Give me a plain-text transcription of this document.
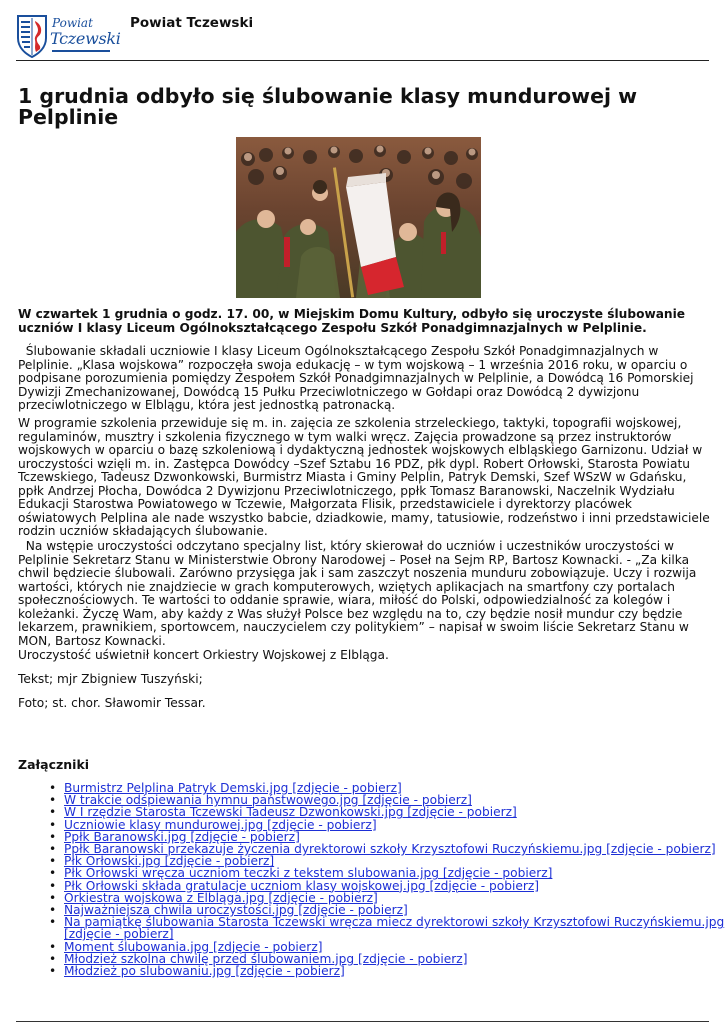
Powiat
Tczewski
Powiat Tczewski
1 grudnia odbyło się ślubowanie klasy mundurowej w Pelplinie

W czwartek 1 grudnia o godz. 17. 00, w Miejskim Domu Kultury, odbyło się uroczyste ślubowanie uczniów I klasy Liceum Ogólnokształcącego Zespołu Szkół Ponadgimnazjalnych w Pelplinie.

Ślubowanie składali uczniowie I klasy Liceum Ogólnokształcącego Zespołu Szkół Ponadgimnazjalnych w Pelplinie. „Klasa wojskowa” rozpoczęła swoja edukację – w tym wojskową – 1 września 2016 roku, w oparciu o podpisane porozumienia pomiędzy Zespołem Szkół Ponadgimnazjalnych w Pelplinie, a Dowódcą 16 Pomorskiej Dywizji Zmechanizowanej, Dowódcą 15 Pułku Przeciwlotniczego w Gołdapi oraz Dowódcą 2 dywizjonu przeciwlotniczego w Elblągu, która jest jednostką patronacką.

W programie szkolenia przewiduje się m. in. zajęcia ze szkolenia strzeleckiego, taktyki, topografii wojskowej, regulaminów, musztry i szkolenia fizycznego w tym walki wręcz. Zajęcia prowadzone są przez instruktorów wojskowych w oparciu o bazę szkoleniową i dydaktyczną jednostek wojskowych elbląskiego Garnizonu. Udział w uroczystości wzięli m. in. Zastępca Dowódcy –Szef Sztabu 16 PDZ, płk dypl. Robert Orłowski, Starosta Powiatu Tczewskiego, Tadeusz Dzwonkowski, Burmistrz Miasta i Gminy Pelplin, Patryk Demski, Szef WSzW w Gdańsku, ppłk Andrzej Płocha, Dowódca 2 Dywizjonu Przeciwlotniczego, ppłk Tomasz Baranowski, Naczelnik Wydziału Edukacji Starostwa Powiatowego w Tczewie, Małgorzata Flisik, przedstawiciele i dyrektorzy placówek oświatowych Pelplina ale nade wszystko babcie, dziadkowie, mamy, tatusiowie, rodzeństwo i inni przedstawiciele rodzin uczniów składających ślubowanie.

Na wstępie uroczystości odczytano specjalny list, który skierował do uczniów i uczestników uroczystości w Pelplinie Sekretarz Stanu w Ministerstwie Obrony Narodowej – Poseł na Sejm RP, Bartosz Kownacki. - „Za kilka chwil będziecie ślubowali. Zarówno przysięga jak i sam zaszczyt noszenia munduru zobowiązuje. Uczy i rozwija wartości, których nie znajdziecie w grach komputerowych, wziętych aplikacjach na smartfony czy portalach społecznościowych. Te wartości to oddanie sprawie, wiara, miłość do Polski, odpowiedzialność za kolegów i koleżanki. Życzę Wam, aby każdy z Was służył Polsce bez względu na to, czy będzie nosił mundur czy będzie lekarzem, prawnikiem, sportowcem, nauczycielem czy politykiem” – napisał w swoim liście Sekretarz Stanu w MON, Bartosz Kownacki.

Uroczystość uświetnił koncert Orkiestry Wojskowej z Elbląga.

Tekst; mjr Zbigniew Tuszyński;

Foto; st. chor. Sławomir Tessar.

Załączniki
• Burmistrz Pelplina Patryk Demski.jpg [zdjęcie - pobierz]
• W trakcie odśpiewania hymnu państwowego.jpg [zdjęcie - pobierz]
• W I rzędzie Starosta Tczewski Tadeusz Dzwonkowski.jpg [zdjęcie - pobierz]
• Uczniowie klasy mundurowej.jpg [zdjęcie - pobierz]
• Ppłk Baranowski.jpg [zdjęcie - pobierz]
• Ppłk Baranowski przekazuje życzenia dyrektorowi szkoły Krzysztofowi Ruczyńskiemu.jpg [zdjęcie - pobierz]
• Płk Orłowski.jpg [zdjęcie - pobierz]
• Płk Orłowski wręcza uczniom teczki z tekstem slubowania.jpg [zdjęcie - pobierz]
• Płk Orłowski składa gratulacje uczniom klasy wojskowej.jpg [zdjęcie - pobierz]
• Orkiestra wojskowa z Elbląga.jpg [zdjęcie - pobierz]
• Najważniejsza chwila uroczystości.jpg [zdjęcie - pobierz]
• Na pamiątkę ślubowania Starosta Tczewski wręcza miecz dyrektorowi szkoły Krzysztofowi Ruczyńskiemu.jpg [zdjęcie - pobierz]
• Moment ślubowania.jpg [zdjęcie - pobierz]
• Młodzież szkolna chwilę przed ślubowaniem.jpg [zdjęcie - pobierz]
• Młodzież po slubowaniu.jpg [zdjęcie - pobierz]
